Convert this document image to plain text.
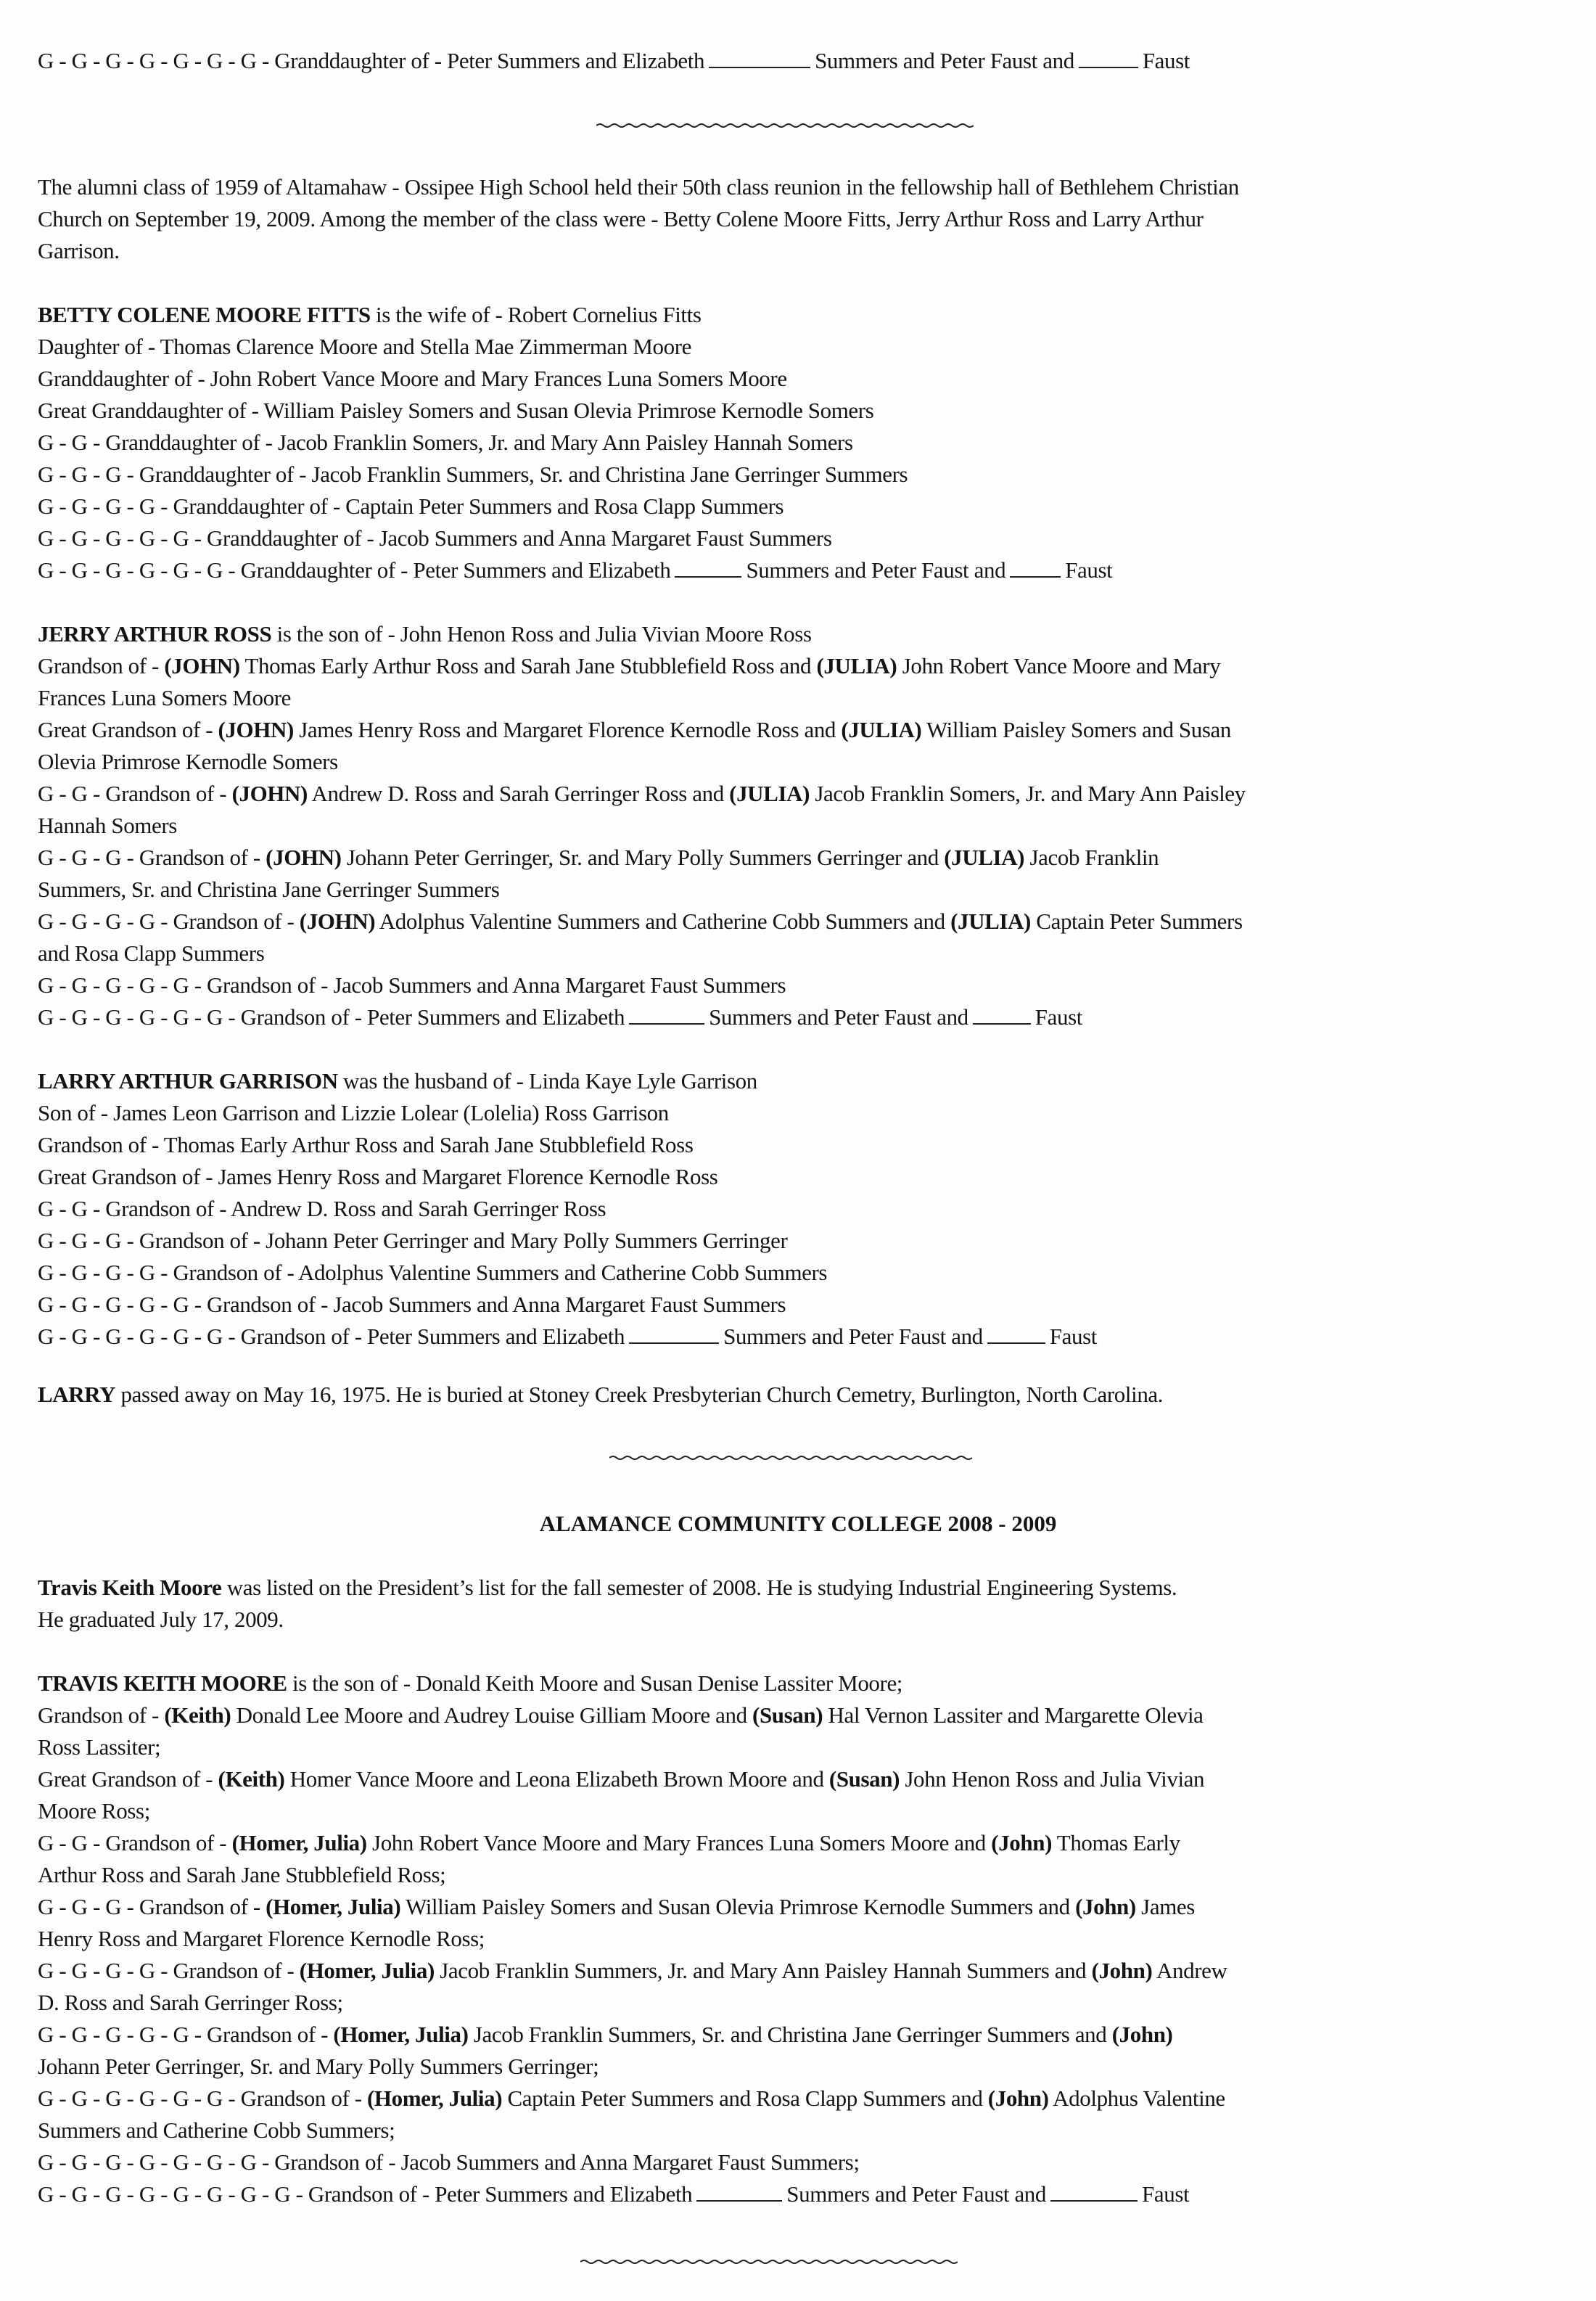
G - G - G - G - G - G - G - Granddaughter of - Peter Summers and Elizabeth	Summers and Peter Faust and	Faust

The alumni class of 1959 of Altamahaw - Ossipee High School held their 50th class reunion in the fellowship hall of Bethlehem Christian

Church on September 19, 2009. Among the member of the class were - Betty Colene Moore Fitts, Jerry Arthur Ross and Larry Arthur

Garrison.

BETTY COLENE MOORE FITTS is the wife of - Robert Cornelius Fitts

Daughter of - Thomas Clarence Moore and Stella Mae Zimmerman Moore

Granddaughter of - John Robert Vance Moore and Mary Frances Luna Somers Moore

Great Granddaughter of - William Paisley Somers and Susan Olevia Primrose Kernodle Somers

G - G - Granddaughter of - Jacob Franklin Somers, Jr. and Mary Ann Paisley Hannah Somers

G - G - G - Granddaughter of - Jacob Franklin Summers, Sr. and Christina Jane Gerringer Summers

G - G - G - G - Granddaughter of - Captain Peter Summers and Rosa Clapp Summers

G - G - G - G - G - Granddaughter of - Jacob Summers and Anna Margaret Faust Summers

G - G - G - G - G - G - Granddaughter of - Peter Summers and Elizabeth	Summers and Peter Faust and	Faust

JERRY ARTHUR ROSS is the son of - John Henon Ross and Julia Vivian Moore Ross

Grandson of - (JOHN) Thomas Early Arthur Ross and Sarah Jane Stubblefield Ross and (JULIA) John Robert Vance Moore and Mary

Frances Luna Somers Moore

Great Grandson of - (JOHN) James Henry Ross and Margaret Florence Kernodle Ross and (JULIA) William Paisley Somers and Susan

Olevia Primrose Kernodle Somers

G - G - Grandson of - (JOHN) Andrew D. Ross and Sarah Gerringer Ross and (JULIA) Jacob Franklin Somers, Jr. and Mary Ann Paisley

Hannah Somers

G - G - G - Grandson of - (JOHN) Johann Peter Gerringer, Sr. and Mary Polly Summers Gerringer and (JULIA) Jacob Franklin

Summers, Sr. and Christina Jane Gerringer Summers

G - G - G - G - Grandson of - (JOHN) Adolphus Valentine Summers and Catherine Cobb Summers and (JULIA) Captain Peter Summers

and Rosa Clapp Summers

G - G - G - G - G - Grandson of - Jacob Summers and Anna Margaret Faust Summers

G - G - G - G - G - G - Grandson of - Peter Summers and Elizabeth	Summers and Peter Faust and	Faust

LARRY ARTHUR GARRISON was the husband of - Linda Kaye Lyle Garrison

Son of - James Leon Garrison and Lizzie Lolear (Lolelia) Ross Garrison

Grandson of - Thomas Early Arthur Ross and Sarah Jane Stubblefield Ross

Great Grandson of - James Henry Ross and Margaret Florence Kernodle Ross

G - G - Grandson of - Andrew D. Ross and Sarah Gerringer Ross

G - G - G - Grandson of - Johann Peter Gerringer and Mary Polly Summers Gerringer

G - G - G - G - Grandson of - Adolphus Valentine Summers and Catherine Cobb Summers

G - G - G - G - G - Grandson of - Jacob Summers and Anna Margaret Faust Summers

G - G - G - G - G - G - Grandson of - Peter Summers and Elizabeth	Summers and Peter Faust and	Faust

LARRY passed away on May 16, 1975. He is buried at Stoney Creek Presbyterian Church Cemetry, Burlington, North Carolina.

ALAMANCE COMMUNITY COLLEGE 2008 - 2009

Travis Keith Moore was listed on the President’s list for the fall semester of 2008. He is studying Industrial Engineering Systems.

He graduated July 17, 2009.

TRAVIS KEITH MOORE is the son of - Donald Keith Moore and Susan Denise Lassiter Moore;

Grandson of - (Keith) Donald Lee Moore and Audrey Louise Gilliam Moore and (Susan) Hal Vernon Lassiter and Margarette Olevia

Ross Lassiter;

Great Grandson of - (Keith) Homer Vance Moore and Leona Elizabeth Brown Moore and (Susan) John Henon Ross and Julia Vivian

Moore Ross;

G - G - Grandson of - (Homer, Julia) John Robert Vance Moore and Mary Frances Luna Somers Moore and (John) Thomas Early

Arthur Ross and Sarah Jane Stubblefield Ross;

G - G - G - Grandson of - (Homer, Julia) William Paisley Somers and Susan Olevia Primrose Kernodle Summers and (John) James

Henry Ross and Margaret Florence Kernodle Ross;

G - G - G - G - Grandson of - (Homer, Julia) Jacob Franklin Summers, Jr. and Mary Ann Paisley Hannah Summers and (John) Andrew

D. Ross and Sarah Gerringer Ross;

G - G - G - G - G - Grandson of - (Homer, Julia) Jacob Franklin Summers, Sr. and Christina Jane Gerringer Summers and (John)

Johann Peter Gerringer, Sr. and Mary Polly Summers Gerringer;

G - G - G - G - G - G - Grandson of - (Homer, Julia) Captain Peter Summers and Rosa Clapp Summers and (John) Adolphus Valentine

Summers and Catherine Cobb Summers;

G - G - G - G - G - G - G - Grandson of - Jacob Summers and Anna Margaret Faust Summers;

G - G - G - G - G - G - G - G - Grandson of - Peter Summers and Elizabeth	Summers and Peter Faust and	Faust
